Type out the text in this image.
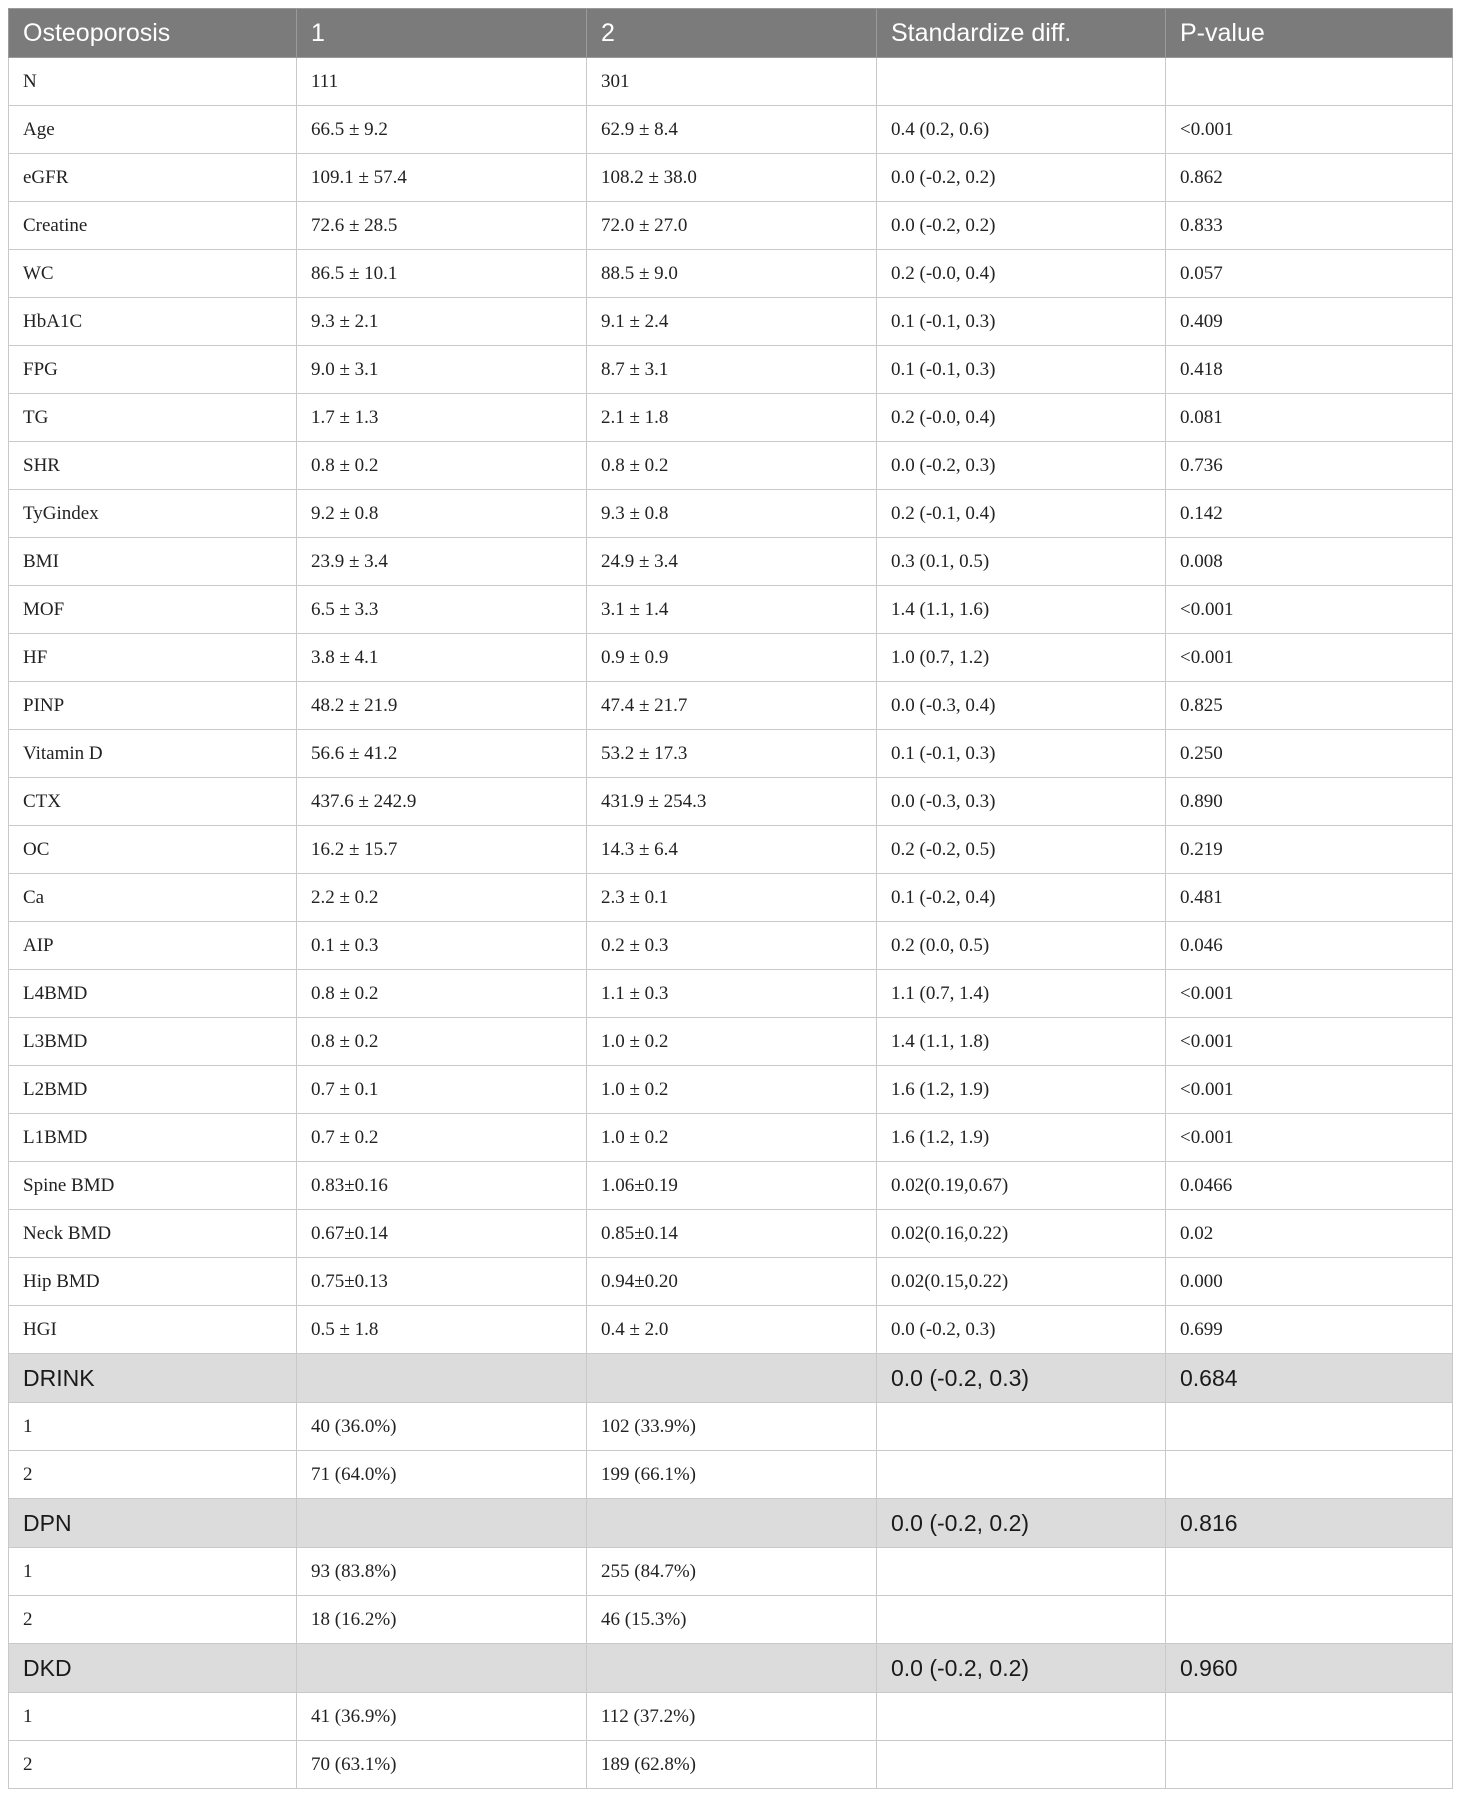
Osteoporosis	1	2	Standardize diff.	P-value
N	111	301		
Age	66.5 ± 9.2	62.9 ± 8.4	0.4 (0.2, 0.6)	<0.001
eGFR	109.1 ± 57.4	108.2 ± 38.0	0.0 (-0.2, 0.2)	0.862
Creatine	72.6 ± 28.5	72.0 ± 27.0	0.0 (-0.2, 0.2)	0.833
WC	86.5 ± 10.1	88.5 ± 9.0	0.2 (-0.0, 0.4)	0.057
HbA1C	9.3 ± 2.1	9.1 ± 2.4	0.1 (-0.1, 0.3)	0.409
FPG	9.0 ± 3.1	8.7 ± 3.1	0.1 (-0.1, 0.3)	0.418
TG	1.7 ± 1.3	2.1 ± 1.8	0.2 (-0.0, 0.4)	0.081
SHR	0.8 ± 0.2	0.8 ± 0.2	0.0 (-0.2, 0.3)	0.736
TyGindex	9.2 ± 0.8	9.3 ± 0.8	0.2 (-0.1, 0.4)	0.142
BMI	23.9 ± 3.4	24.9 ± 3.4	0.3 (0.1, 0.5)	0.008
MOF	6.5 ± 3.3	3.1 ± 1.4	1.4 (1.1, 1.6)	<0.001
HF	3.8 ± 4.1	0.9 ± 0.9	1.0 (0.7, 1.2)	<0.001
PINP	48.2 ± 21.9	47.4 ± 21.7	0.0 (-0.3, 0.4)	0.825
Vitamin D	56.6 ± 41.2	53.2 ± 17.3	0.1 (-0.1, 0.3)	0.250
CTX	437.6 ± 242.9	431.9 ± 254.3	0.0 (-0.3, 0.3)	0.890
OC	16.2 ± 15.7	14.3 ± 6.4	0.2 (-0.2, 0.5)	0.219
Ca	2.2 ± 0.2	2.3 ± 0.1	0.1 (-0.2, 0.4)	0.481
AIP	0.1 ± 0.3	0.2 ± 0.3	0.2 (0.0, 0.5)	0.046
L4BMD	0.8 ± 0.2	1.1 ± 0.3	1.1 (0.7, 1.4)	<0.001
L3BMD	0.8 ± 0.2	1.0 ± 0.2	1.4 (1.1, 1.8)	<0.001
L2BMD	0.7 ± 0.1	1.0 ± 0.2	1.6 (1.2, 1.9)	<0.001
L1BMD	0.7 ± 0.2	1.0 ± 0.2	1.6 (1.2, 1.9)	<0.001
Spine BMD	0.83±0.16	1.06±0.19	0.02(0.19,0.67)	0.0466
Neck BMD	0.67±0.14	0.85±0.14	0.02(0.16,0.22)	0.02
Hip BMD	0.75±0.13	0.94±0.20	0.02(0.15,0.22)	0.000
HGI	0.5 ± 1.8	0.4 ± 2.0	0.0 (-0.2, 0.3)	0.699
DRINK			0.0 (-0.2, 0.3)	0.684
1	40 (36.0%)	102 (33.9%)		
2	71 (64.0%)	199 (66.1%)		
DPN			0.0 (-0.2, 0.2)	0.816
1	93 (83.8%)	255 (84.7%)		
2	18 (16.2%)	46 (15.3%)		
DKD			0.0 (-0.2, 0.2)	0.960
1	41 (36.9%)	112 (37.2%)		
2	70 (63.1%)	189 (62.8%)		
